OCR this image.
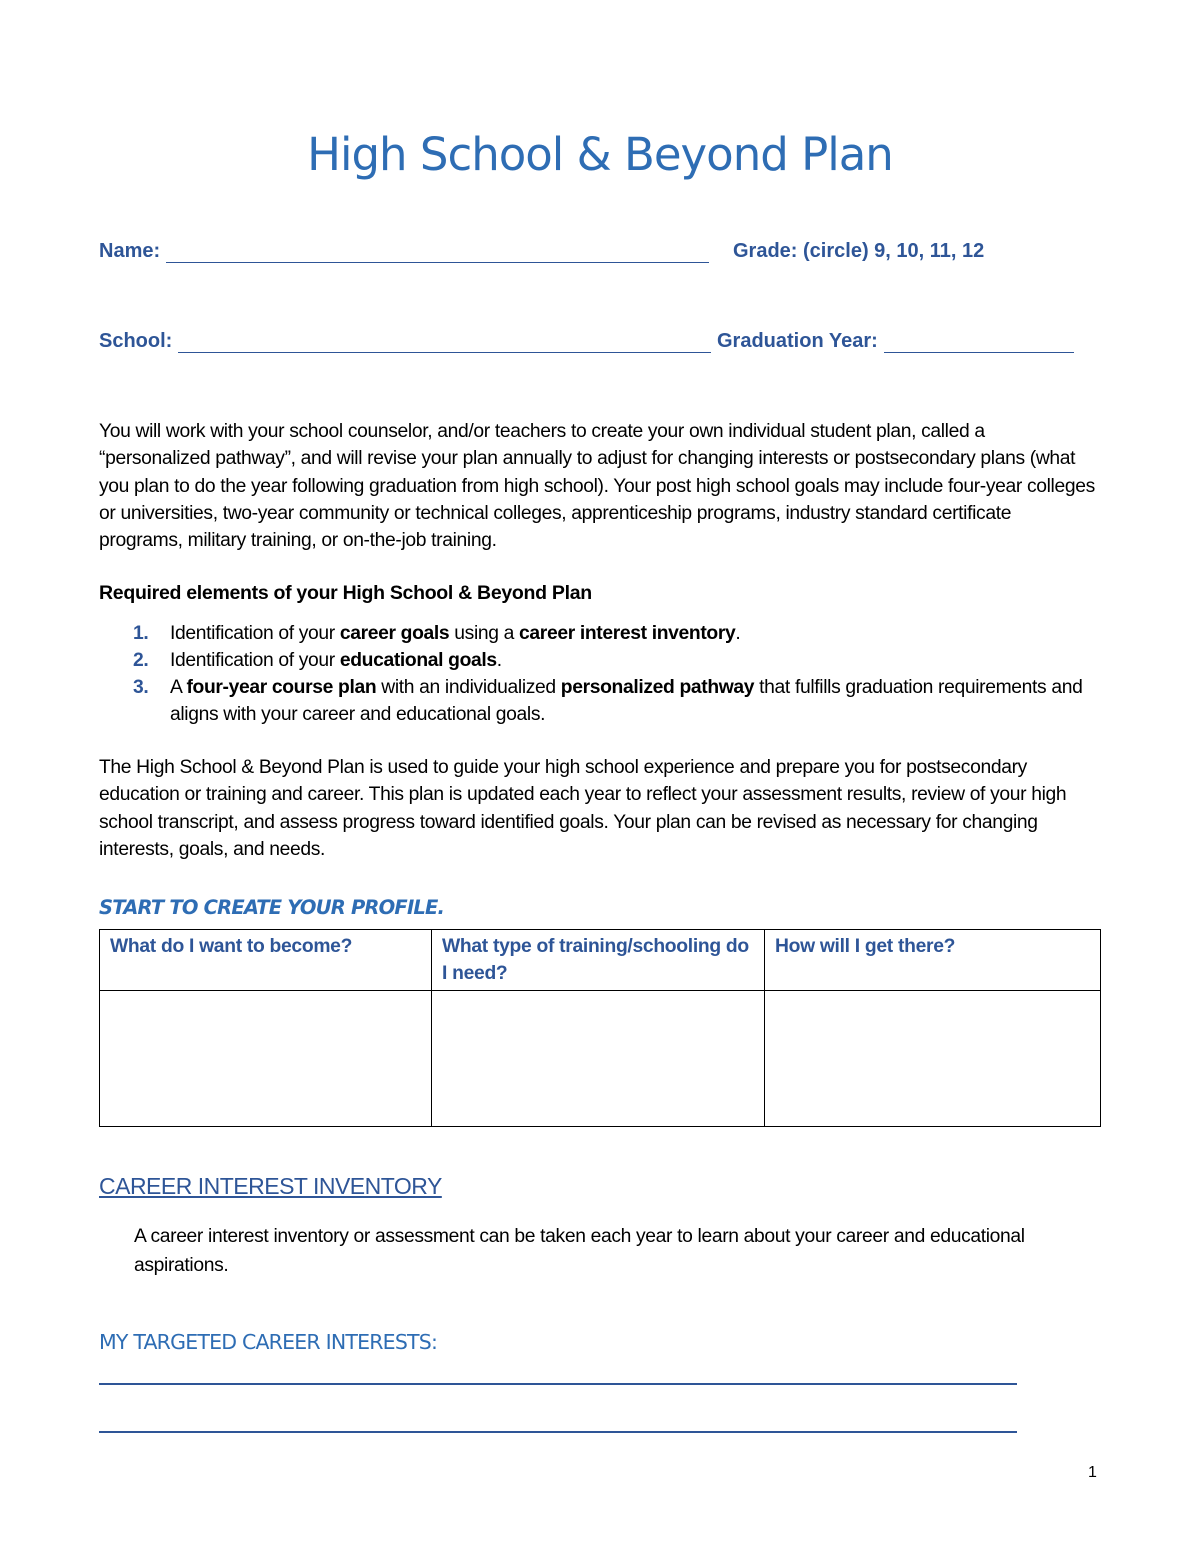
High School & Beyond Plan
Name:	Grade: (circle) 9, 10, 11, 12
School:	Graduation Year:

You will work with your school counselor, and/or teachers to create your own individual student plan, called a “personalized pathway”, and will revise your plan annually to adjust for changing interests or postsecondary plans (what you plan to do the year following graduation from high school). Your post high school goals may include four-year colleges or universities, two-year community or technical colleges, apprenticeship programs, industry standard certificate programs, military training, or on-the-job training.

Required elements of your High School & Beyond Plan

1. Identification of your career goals using a career interest inventory.
2. Identification of your educational goals.
3. A four-year course plan with an individualized personalized pathway that fulfills graduation requirements and aligns with your career and educational goals.

The High School & Beyond Plan is used to guide your high school experience and prepare you for postsecondary education or training and career. This plan is updated each year to reflect your assessment results, review of your high school transcript, and assess progress toward identified goals. Your plan can be revised as necessary for changing interests, goals, and needs.

START TO CREATE YOUR PROFILE.

What do I want to become?	What type of training/schooling do I need?	How will I get there?

CAREER INTEREST INVENTORY

A career interest inventory or assessment can be taken each year to learn about your career and educational aspirations.

MY TARGETED CAREER INTERESTS:

1
